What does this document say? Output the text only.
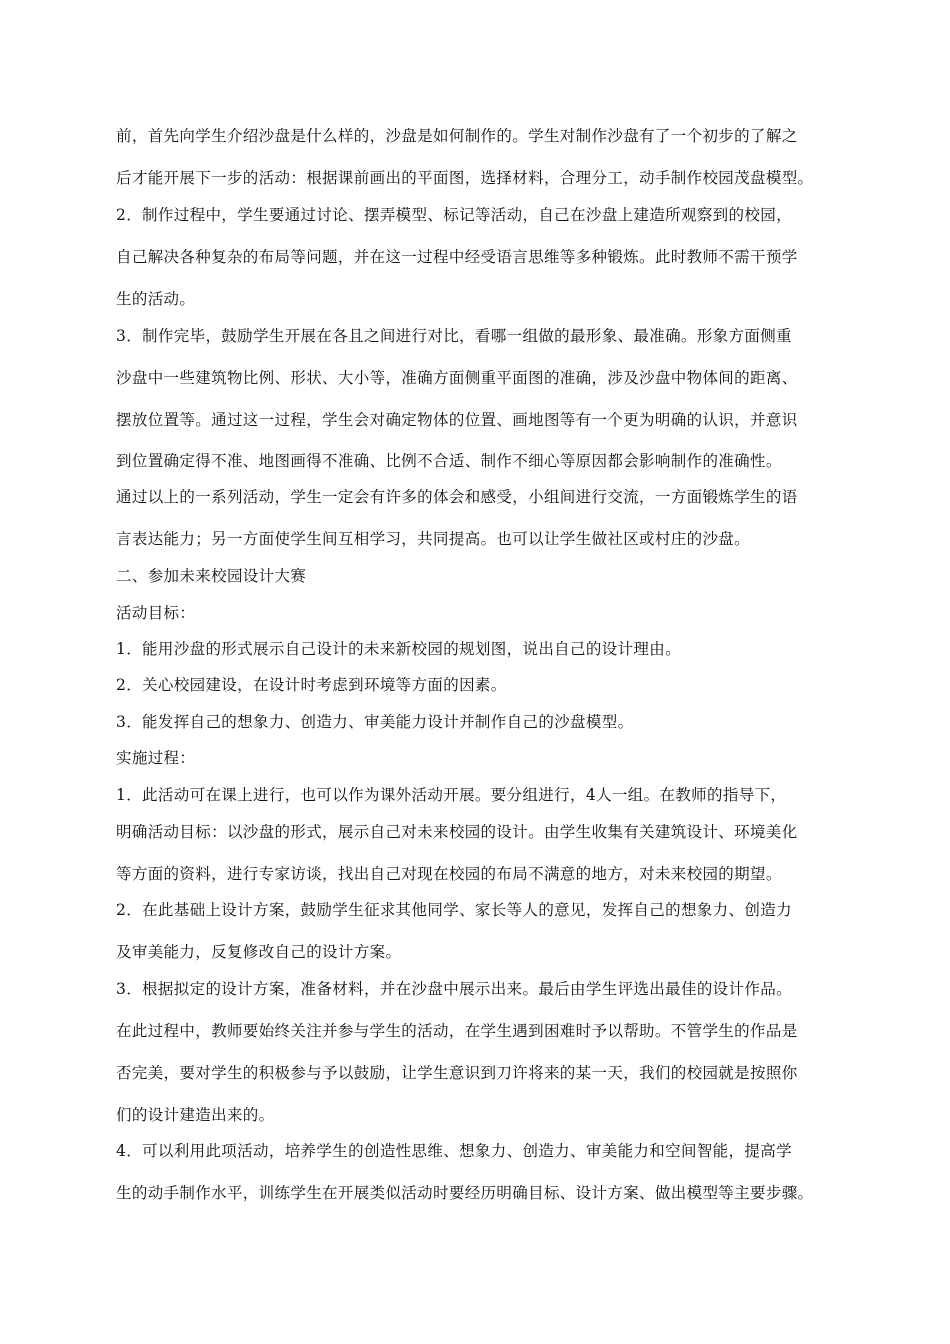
前，首先向学生介绍沙盘是什么样的，沙盘是如何制作的。学生对制作沙盘有了一个初步的了解之
后才能开展下一步的活动：根据课前画出的平面图，选择材料，合理分工，动手制作校园茂盘模型。
2．制作过程中，学生要通过讨论、摆弄模型、标记等活动，自己在沙盘上建造所观察到的校园，
自己解决各种复杂的布局等问题，并在这一过程中经受语言思维等多种锻炼。此时教师不需干预学
生的活动。
3．制作完毕，鼓励学生开展在各且之间进行对比，看哪一组做的最形象、最准确。形象方面侧重
沙盘中一些建筑物比例、形状、大小等，准确方面侧重平面图的准确，涉及沙盘中物体间的距离、
摆放位置等。通过这一过程，学生会对确定物体的位置、画地图等有一个更为明确的认识，并意识
到位置确定得不准、地图画得不准确、比例不合适、制作不细心等原因都会影响制作的准确性。
通过以上的一系列活动，学生一定会有许多的体会和感受，小组间进行交流，一方面锻炼学生的语
言表达能力；另一方面使学生间互相学习，共同提高。也可以让学生做社区或村庄的沙盘。
二、参加未来校园设计大赛
活动目标：
1．能用沙盘的形式展示自己设计的未来新校园的规划图，说出自己的设计理由。
2．关心校园建设，在设计时考虑到环境等方面的因素。
3．能发挥自己的想象力、创造力、审美能力设计并制作自己的沙盘模型。
实施过程：
1．此活动可在课上进行，也可以作为课外活动开展。要分组进行，4人一组。在教师的指导下，
明确活动目标：以沙盘的形式，展示自己对未来校园的设计。由学生收集有关建筑设计、环境美化
等方面的资料，进行专家访谈，找出自己对现在校园的布局不满意的地方，对未来校园的期望。
2．在此基础上设计方案，鼓励学生征求其他同学、家长等人的意见，发挥自己的想象力、创造力
及审美能力，反复修改自己的设计方案。
3．根据拟定的设计方案，准备材料，并在沙盘中展示出来。最后由学生评选出最佳的设计作品。
在此过程中，教师要始终关注并参与学生的活动，在学生遇到困难时予以帮助。不管学生的作品是
否完美，要对学生的积极参与予以鼓励，让学生意识到刀许将来的某一天，我们的校园就是按照你
们的设计建造出来的。
4．可以利用此项活动，培养学生的创造性思维、想象力、创造力、审美能力和空间智能，提高学
生的动手制作水平，训练学生在开展类似活动时要经历明确目标、设计方案、做出模型等主要步骤。
